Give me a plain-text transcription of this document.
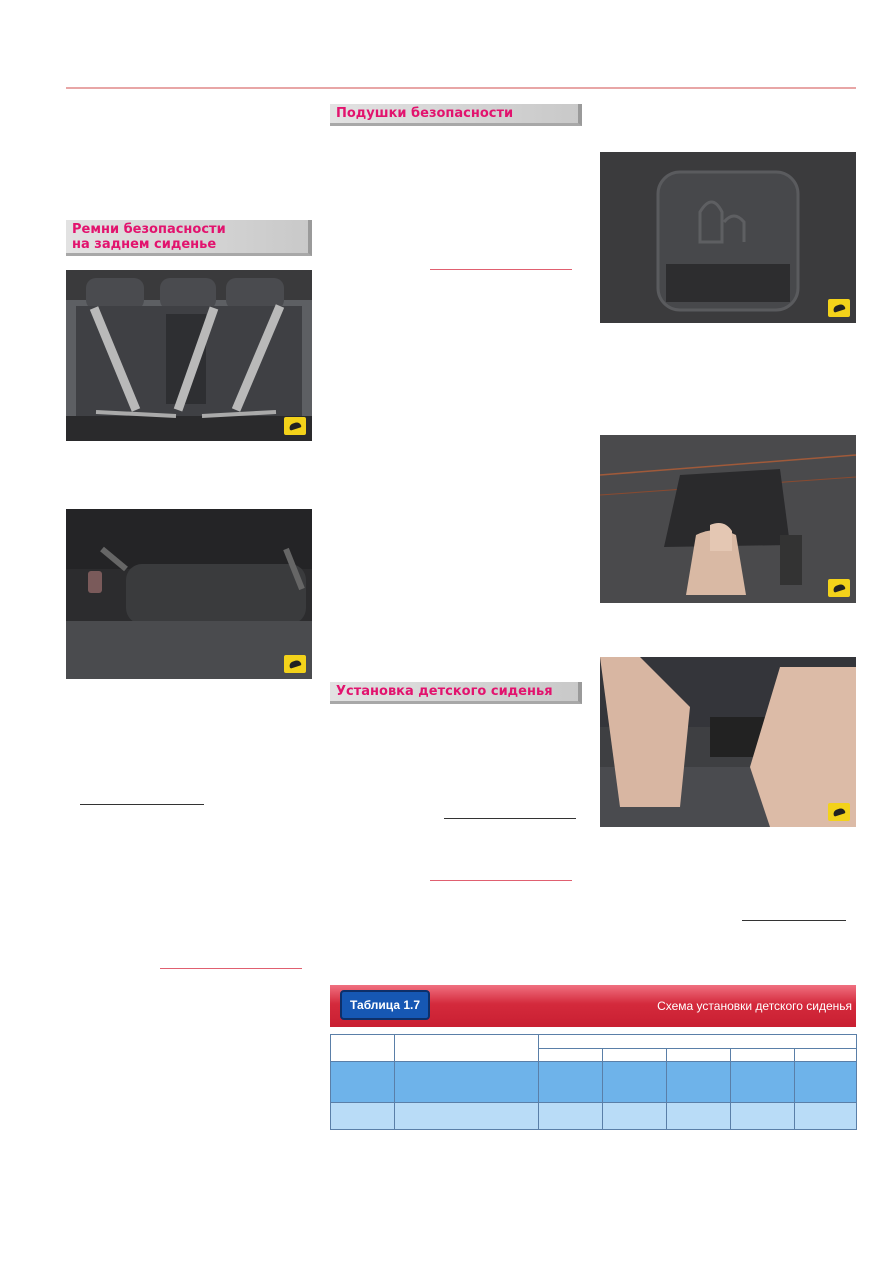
Ремни безопасности
на заднем сиденье
Подушки безопасности
Установка детского сиденья
Таблица 1.7	Схема установки детского сиденья
